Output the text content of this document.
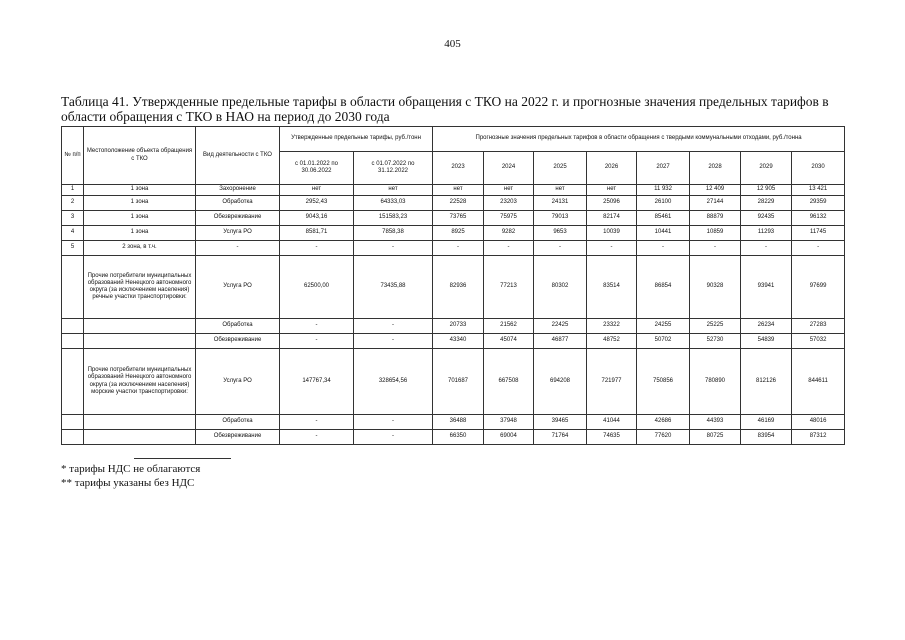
405
Таблица 41. Утвержденные предельные тарифы в области обращения с ТКО на 2022 г. и прогнозные значения предельных тарифов в области обращения с ТКО в НАО на период до 2030 года
№ п/п	Местоположение объекта обращения с ТКО	Вид деятельности с ТКО	Утвержденные предельные тарифы, руб./тонн		Прогнозные значения предельных тарифов в области обращения с твердыми коммунальными отходами, руб./тонна							
			с 01.01.2022 по 30.06.2022	с 01.07.2022 по 31.12.2022	2023	2024	2025	2026	2027	2028	2029	2030
1	1 зона	Захоронение	нет	нет	нет	нет	нет	нет	11 932	12 409	12 905	13 421
2	1 зона	Обработка	2952,43	64333,03	22528	23203	24131	25096	26100	27144	28229	29359
3	1 зона	Обезвреживание	9043,16	151583,23	73765	75975	79013	82174	85461	88879	92435	96132
4	1 зона	Услуга РО	8581,71	7858,38	8925	9282	9653	10039	10441	10859	11293	11745
5	2 зона, в т.ч.	-	-	-	-	-	-	-	-	-	-	-
	Прочие потребители муниципальных образований Ненецкого автономного округа (за исключением населения) речные участки транспортировки:	Услуга РО	62500,00	73435,88	82936	77213	80302	83514	86854	90328	93941	97699
		Обработка	-	-	20733	21562	22425	23322	24255	25225	26234	27283
		Обезвреживание	-	-	43340	45074	46877	48752	50702	52730	54839	57032
	Прочие потребители муниципальных образований Ненецкого автономного округа (за исключением населения) морские участки транспортировки:	Услуга РО	147767,34	328654,56	701687	667508	694208	721977	750856	780890	812126	844611
		Обработка	-	-	36488	37948	39465	41044	42686	44393	46169	48016
		Обезвреживание	-	-	66350	69004	71764	74635	77620	80725	83954	87312
* тарифы НДС не облагаются
** тарифы указаны без НДС
